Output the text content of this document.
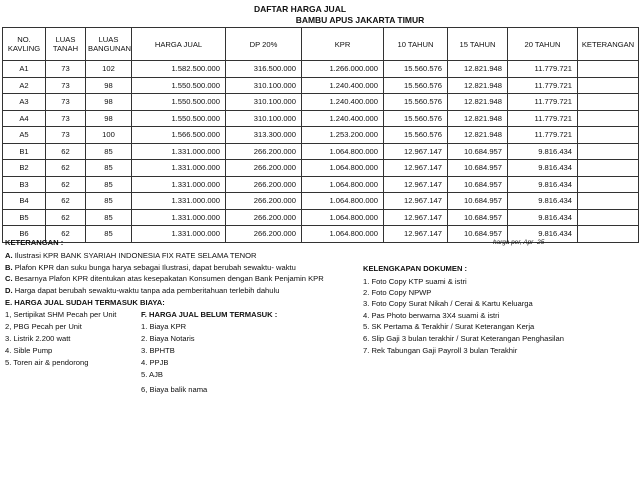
DAFTAR HARGA JUAL
BAMBU APUS JAKARTA TIMUR
NO. KAVLING	LUAS TANAH	LUAS BANGUNAN	HARGA JUAL	DP 20%	KPR	10 TAHUN	15 TAHUN	20 TAHUN	KETERANGAN
A1	73	102	1.582.500.000	316.500.000	1.266.000.000	15.560.576	12.821.948	11.779.721	
A2	73	98	1.550.500.000	310.100.000	1.240.400.000	15.560.576	12.821.948	11.779.721	
A3	73	98	1.550.500.000	310.100.000	1.240.400.000	15.560.576	12.821.948	11.779.721	
A4	73	98	1.550.500.000	310.100.000	1.240.400.000	15.560.576	12.821.948	11.779.721	
A5	73	100	1.566.500.000	313.300.000	1.253.200.000	15.560.576	12.821.948	11.779.721	
B1	62	85	1.331.000.000	266.200.000	1.064.800.000	12.967.147	10.684.957	9.816.434	
B2	62	85	1.331.000.000	266.200.000	1.064.800.000	12.967.147	10.684.957	9.816.434	
B3	62	85	1.331.000.000	266.200.000	1.064.800.000	12.967.147	10.684.957	9.816.434	
B4	62	85	1.331.000.000	266.200.000	1.064.800.000	12.967.147	10.684.957	9.816.434	
B5	62	85	1.331.000.000	266.200.000	1.064.800.000	12.967.147	10.684.957	9.816.434	
B6	62	85	1.331.000.000	266.200.000	1.064.800.000	12.967.147	10.684.957	9.816.434	
KETERANGAN :	harga per, Apr -25
A. Ilustrasi KPR BANK SYARIAH INDONESIA FIX RATE SELAMA TENOR
B. Plafon KPR dan suku bunga harya sebagai Ilustrasi, dapat berubah sewaktu- waktu
C. Besarnya Plafon KPR ditentukan atas kesepakatan Konsumen dengan Bank Penjamin KPR
D. Harga dapat berubah sewaktu-waktu tanpa ada pemberitahuan terlebih dahulu
E. HARGA JUAL SUDAH TERMASUK BIAYA:
1, Sertipikat SHM Pecah per Unit
2, PBG Pecah per Unit
3. Listrik 2.200 watt
4. Sible Pump
5. Toren air & pendorong
F. HARGA JUAL BELUM TERMASUK :
1. Biaya KPR
2. Biaya Notaris
3. BPHTB
4. PPJB
5. AJB
6, Biaya balik nama
KELENGKAPAN DOKUMEN :
1. Foto Copy KTP suami & istri
2. Foto Copy NPWP
3. Foto Copy Surat Nikah / Cerai & Kartu Keluarga
4. Pas Photo berwarna 3X4 suami & istri
5. SK Pertama & Terakhir / Surat Keterangan Kerja
6. Slip Gaji 3 bulan terakhir / Surat Keterangan Penghasilan
7. Rek Tabungan Gaji Payroll 3 bulan Terakhir
